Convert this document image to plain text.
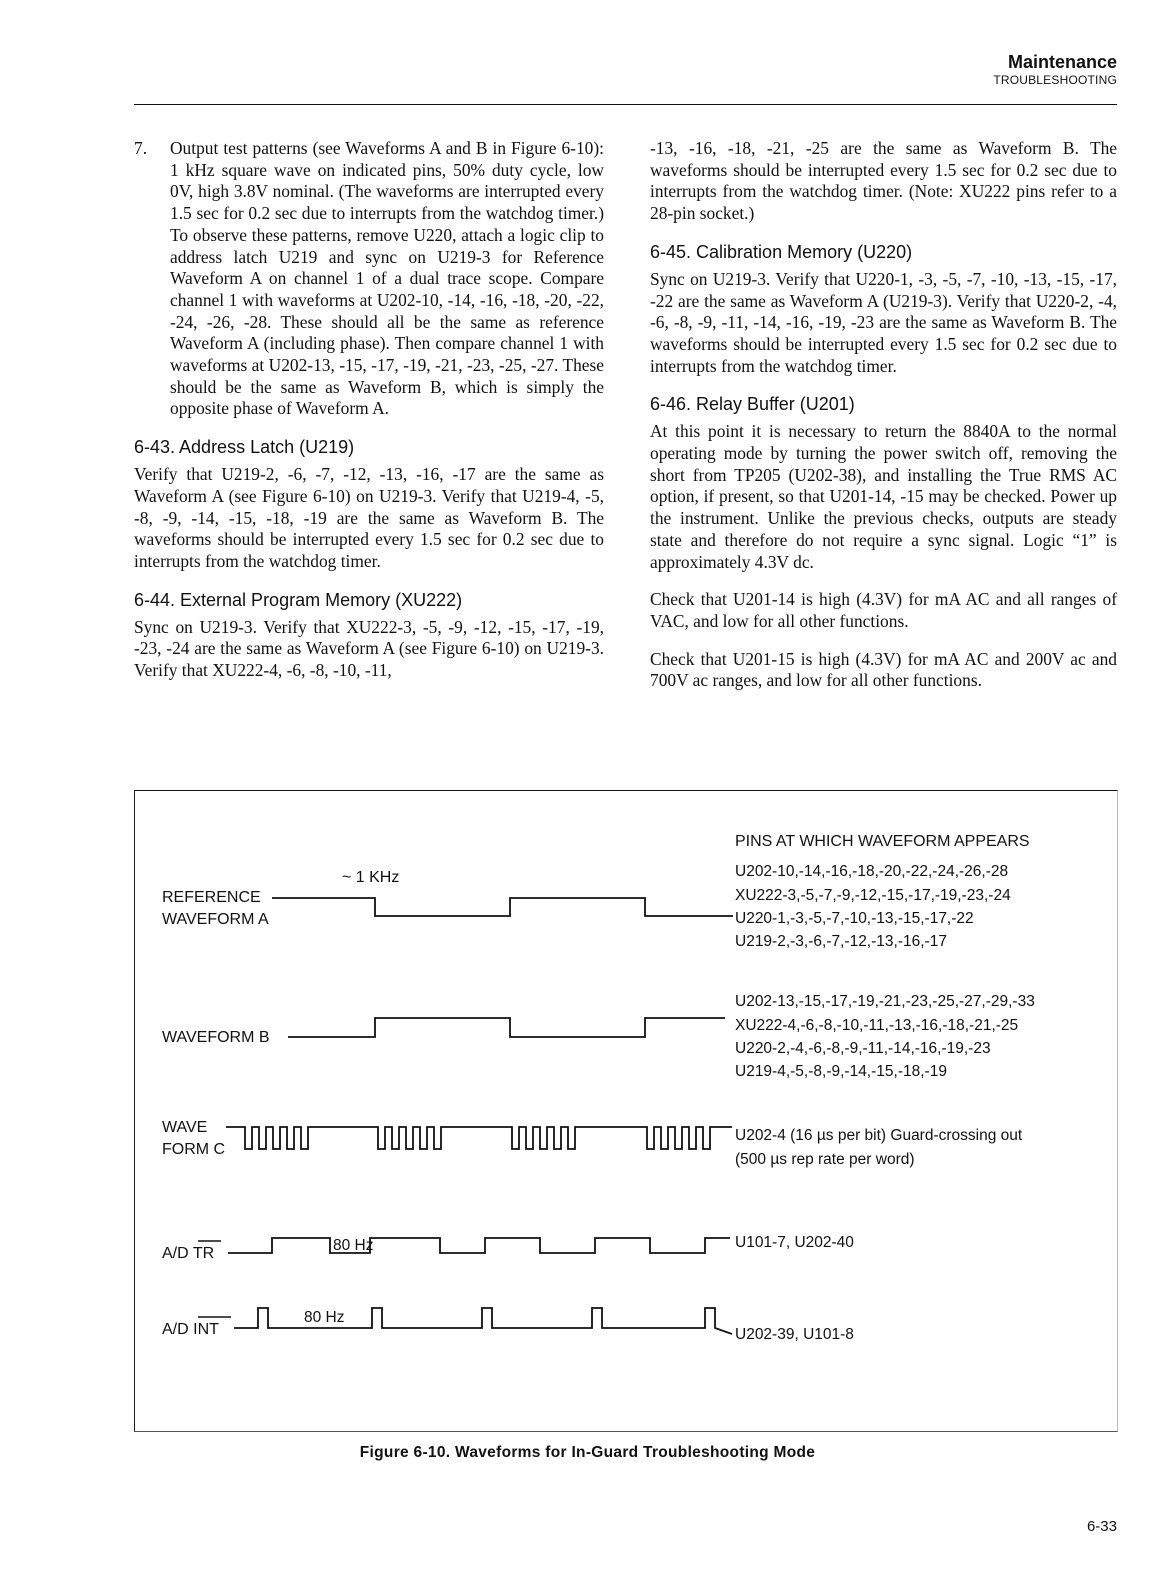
Maintenance
TROUBLESHOOTING
7.	Output test patterns (see Waveforms A and B in Figure 6-10): 1 kHz square wave on indicated pins, 50% duty cycle, low 0V, high 3.8V nominal. (The waveforms are interrupted every 1.5 sec for 0.2 sec due to interrupts from the watchdog timer.) To observe these patterns, remove U220, attach a logic clip to address latch U219 and sync on U219-3 for Reference Waveform A on channel 1 of a dual trace scope. Compare channel 1 with waveforms at U202-10, -14, -16, -18, -20, -22, -24, -26, -28. These should all be the same as reference Waveform A (including phase). Then compare channel 1 with waveforms at U202-13, -15, -17, -19, -21, -23, -25, -27. These should be the same as Waveform B, which is simply the opposite phase of Waveform A.
6-43. Address Latch (U219)

Verify that U219-2, -6, -7, -12, -13, -16, -17 are the same as Waveform A (see Figure 6-10) on U219-3. Verify that U219-4, -5, -8, -9, -14, -15, -18, -19 are the same as Waveform B. The waveforms should be interrupted every 1.5 sec for 0.2 sec due to interrupts from the watchdog timer.

6-44. External Program Memory (XU222)

Sync on U219-3. Verify that XU222-3, -5, -9, -12, -15, -17, -19, -23, -24 are the same as Waveform A (see Figure 6-10) on U219-3. Verify that XU222-4, -6, -8, -10, -11,

-13, -16, -18, -21, -25 are the same as Waveform B. The waveforms should be interrupted every 1.5 sec for 0.2 sec due to interrupts from the watchdog timer. (Note: XU222 pins refer to a 28-pin socket.)

6-45. Calibration Memory (U220)

Sync on U219-3. Verify that U220-1, -3, -5, -7, -10, -13, -15, -17, -22 are the same as Waveform A (U219-3). Verify that U220-2, -4, -6, -8, -9, -11, -14, -16, -19, -23 are the same as Waveform B. The waveforms should be interrupted every 1.5 sec for 0.2 sec due to interrupts from the watchdog timer.

6-46. Relay Buffer (U201)

At this point it is necessary to return the 8840A to the normal operating mode by turning the power switch off, removing the short from TP205 (U202-38), and installing the True RMS AC option, if present, so that U201-14, -15 may be checked. Power up the instrument. Unlike the previous checks, outputs are steady state and therefore do not require a sync signal. Logic “1” is approximately 4.3V dc.

Check that U201-14 is high (4.3V) for mA AC and all ranges of VAC, and low for all other functions.

Check that U201-15 is high (4.3V) for mA AC and 200V ac and 700V ac ranges, and low for all other functions.

PINS AT WHICH WAVEFORM APPEARS
REFERENCE
WAVEFORM A
~ 1 KHz	U202-10,-14,-16,-18,-20,-22,-24,-26,-28
XU222-3,-5,-7,-9,-12,-15,-17,-19,-23,-24
U220-1,-3,-5,-7,-10,-13,-15,-17,-22
U219-2,-3,-6,-7,-12,-13,-16,-17
WAVEFORM B
U202-13,-15,-17,-19,-21,-23,-25,-27,-29,-33
XU222-4,-6,-8,-10,-11,-13,-16,-18,-21,-25
U220-2,-4,-6,-8,-9,-11,-14,-16,-19,-23
U219-4,-5,-8,-9,-14,-15,-18,-19
WAVE
FORM C
U202-4 (16 µs per bit) Guard-crossing out
(500 µs rep rate per word)
A/D TR	80 Hz	U101-7, U202-40
A/D INT
80 Hz
U202-39, U101-8
Figure 6-10. Waveforms for In-Guard Troubleshooting Mode
6-33
